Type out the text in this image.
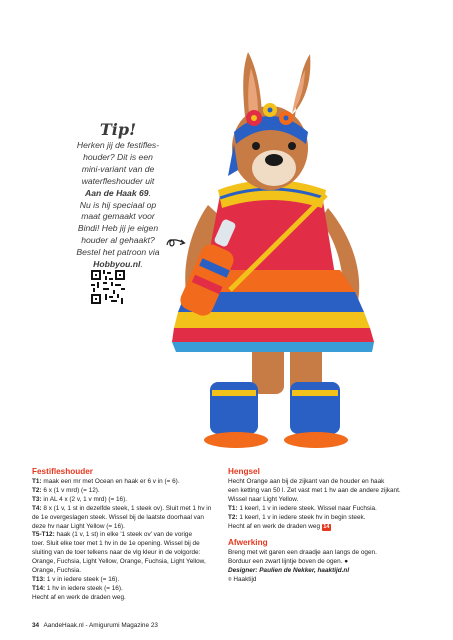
Tip!
Herken jij de festifles-
houder? Dit is een
mini-variant van de
waterfleshouder uit
Aan de Haak 69.
Nu is hij speciaal op
maat gemaakt voor
Bindi! Heb jij je eigen
houder al gehaakt?
Bestel het patroon via
Hobbyou.nl.
Festifleshouder
T1: maak een mr met Ocean en haak er 6 v in (= 6).
T2: 6 x (1 v mrd) (= 12).
T3: in AL 4 x (2 v, 1 v mrd) (= 16).
T4: 8 x (1 v, 1 st in dezelfde steek, 1 steek ov). Sluit met 1 hv in
de 1e overgeslagen steek. Wissel bij de laatste doorhaal van
deze hv naar Light Yellow (= 16).
T5-T12: haak (1 v, 1 st) in elke '1 steek ov' van de vorige
toer. Sluit elke toer met 1 hv in de 1e opening. Wissel bij de
sluiting van de toer telkens naar de vlg kleur in de volgorde:
Orange, Fuchsia, Light Yellow, Orange, Fuchsia, Light Yellow,
Orange, Fuchsia.
T13: 1 v in iedere steek (= 16).
T14: 1 hv in iedere steek (= 16).
Hecht af en werk de draden weg.
Hengsel
Hecht Orange aan bij de zijkant van de houder en haak
een ketting van 50 l. Zet vast met 1 hv aan de andere zijkant.
Wissel naar Light Yellow.
T1: 1 keerl, 1 v in iedere steek. Wissel naar Fuchsia.
T2: 1 keerl, 1 v in iedere steek hv in begin steek.
Hecht af en werk de draden weg 14
Afwerking
Breng met wit garen een draadje aan langs de ogen.
Borduur een zwart lijntje boven de ogen. ●
Designer: Paulien de Nekker, haaktijd.nl
⌾ Haaktijd
34 AandeHaak.nl - Amigurumi Magazine 23
